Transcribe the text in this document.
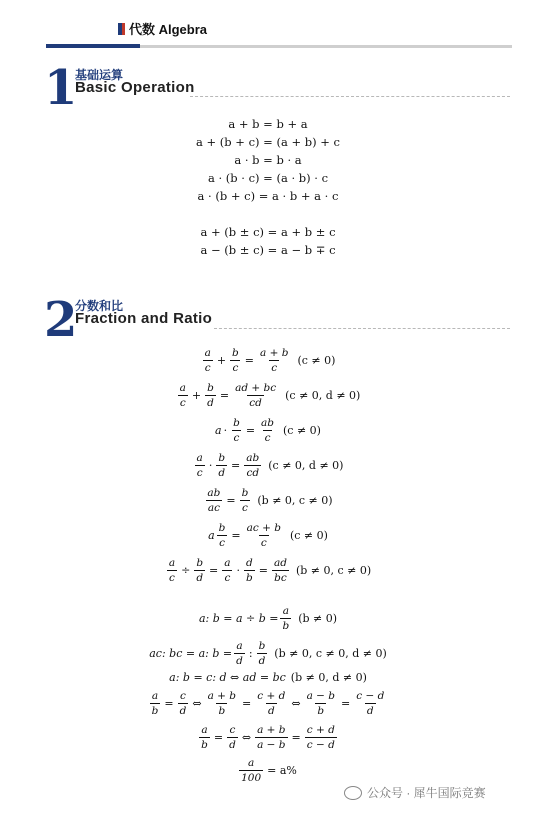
代数 Algebra
1
基础运算
Basic Operation
a + b = b + a
a + (b + c) = (a + b) + c
a · b = b · a
a · (b · c) = (a · b) · c
a · (b + c) = a · b + a · c
a + (b ± c) = a + b ± c
a − (b ± c) = a − b ∓ c
2
分数和比
Fraction and Ratio
a
c
+ $\frac{b}{c} = \frac{a + b}{c} (c \ne 0)$
a
c
+ $\frac{b}{d} = \frac{ad + bc}{cd} (c \ne 0$, d ≠ 0)
$a \cdot \frac{b}{c} = \frac{ab}{c} (c \ne 0)$
a
c
· $\frac{b}{d} = \frac{ab}{cd} (c \ne 0$, d ≠ 0)
$\frac{ab}{ac} = \frac{b}{c} (b \ne 0$, c ≠ 0)
a $\frac{b}{c} = \frac{ac + b}{c} (c \ne 0)$
$\frac{a}{c} \div \frac{b}{d} = \frac{a}{c} \cdot \frac{d}{b} = \frac{ad}{bc} (b \ne 0$, c ≠ 0)
a: $b = a \div b = \frac{a}{b} (b \ne 0)$
ac: bc = a: $b = \frac{a}{d}$ :
b
d
(b ≠ 0, c ≠ 0, d ≠ 0)
a: b = c: d ⇔ ad = bc (b ≠ 0, d ≠ 0)
$\frac{a}{b} = \frac{c}{d}$ ⇔ $\frac{a + b}{b} = \frac{c + d}{d}$ ⇔ $\frac{a - b}{b} = \frac{c - d}{d}$
$\frac{a}{b} = \frac{c}{d}$ ⇔ $\frac{a + b}{a - b} = \frac{c + d}{c - d}$
$\frac{a}{100} = a\%$
公众号 · 犀牛国际竞赛
